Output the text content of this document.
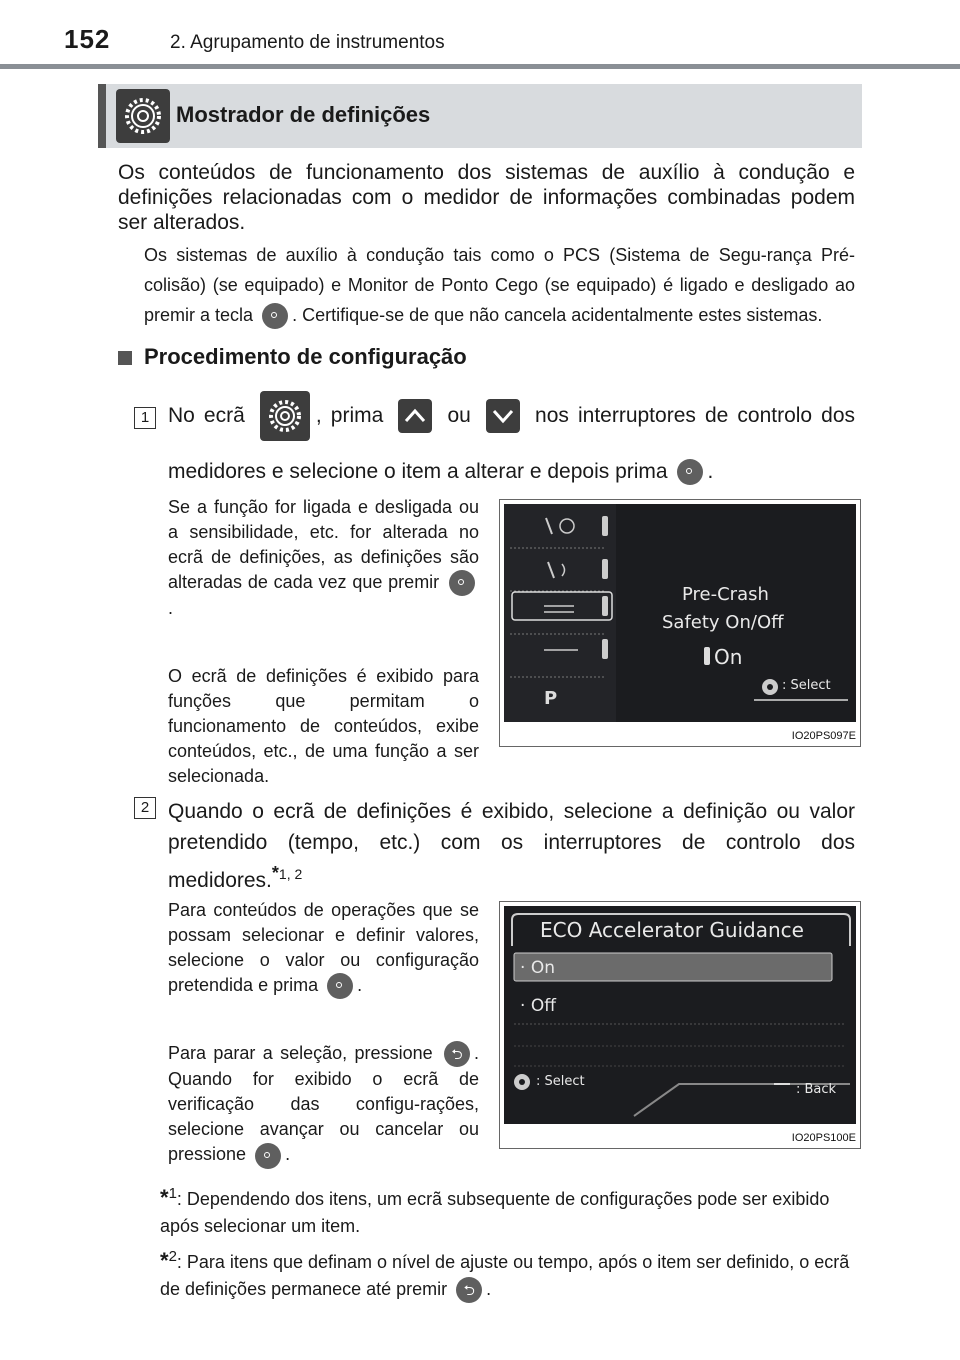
152	2. Agrupamento de instrumentos
Mostrador de definições
Os conteúdos de funcionamento dos sistemas de auxílio à condução e definições relacionadas com o medidor de informações combinadas podem ser alterados.
Os sistemas de auxílio à condução tais como o PCS (Sistema de Segu-rança Pré-colisão) (se equipado) e Monitor de Ponto Cego (se equipado) é ligado e desligado ao premir a tecla . Certifique-se de que não cancela acidentalmente estes sistemas.
Procedimento de configuração
1 No ecrã	, prima	ou	nos interruptores de controlo dos medidores e selecione o item a alterar e depois prima .
Se a função for ligada e desligada ou a sensibilidade, etc. for alterada no ecrã de definições, as definições são alteradas de cada vez que premir .
O ecrã de definições é exibido para funções que permitam o funcionamento de conteúdos, exibe conteúdos, etc., de uma função a ser selecionada.
P
Pre-Crash
Safety On/Off
On
: Select
IO20PS097E
2 Quando o ecrã de definições é exibido, selecione a definição ou valor pretendido (tempo, etc.) com os interruptores de controlo dos medidores.$^{*1, 2}$
Para conteúdos de operações que se possam selecionar e definir valores, selecione o valor ou configuração pretendida e prima .
Para parar a seleção, pressione ⮌ . Quando for exibido o ecrã de verificação das configu-rações, selecione avançar ou cancelar ou pressione .
ECO Accelerator Guidance
· On
· Off
: Select
: Back
IO20PS100E
*$^1$: Dependendo dos itens, um ecrã subsequente de configurações pode ser exibido após selecionar um item.
*$^2$: Para itens que definam o nível de ajuste ou tempo, após o item ser definido, o ecrã de definições permanece até premir ⮌ .
